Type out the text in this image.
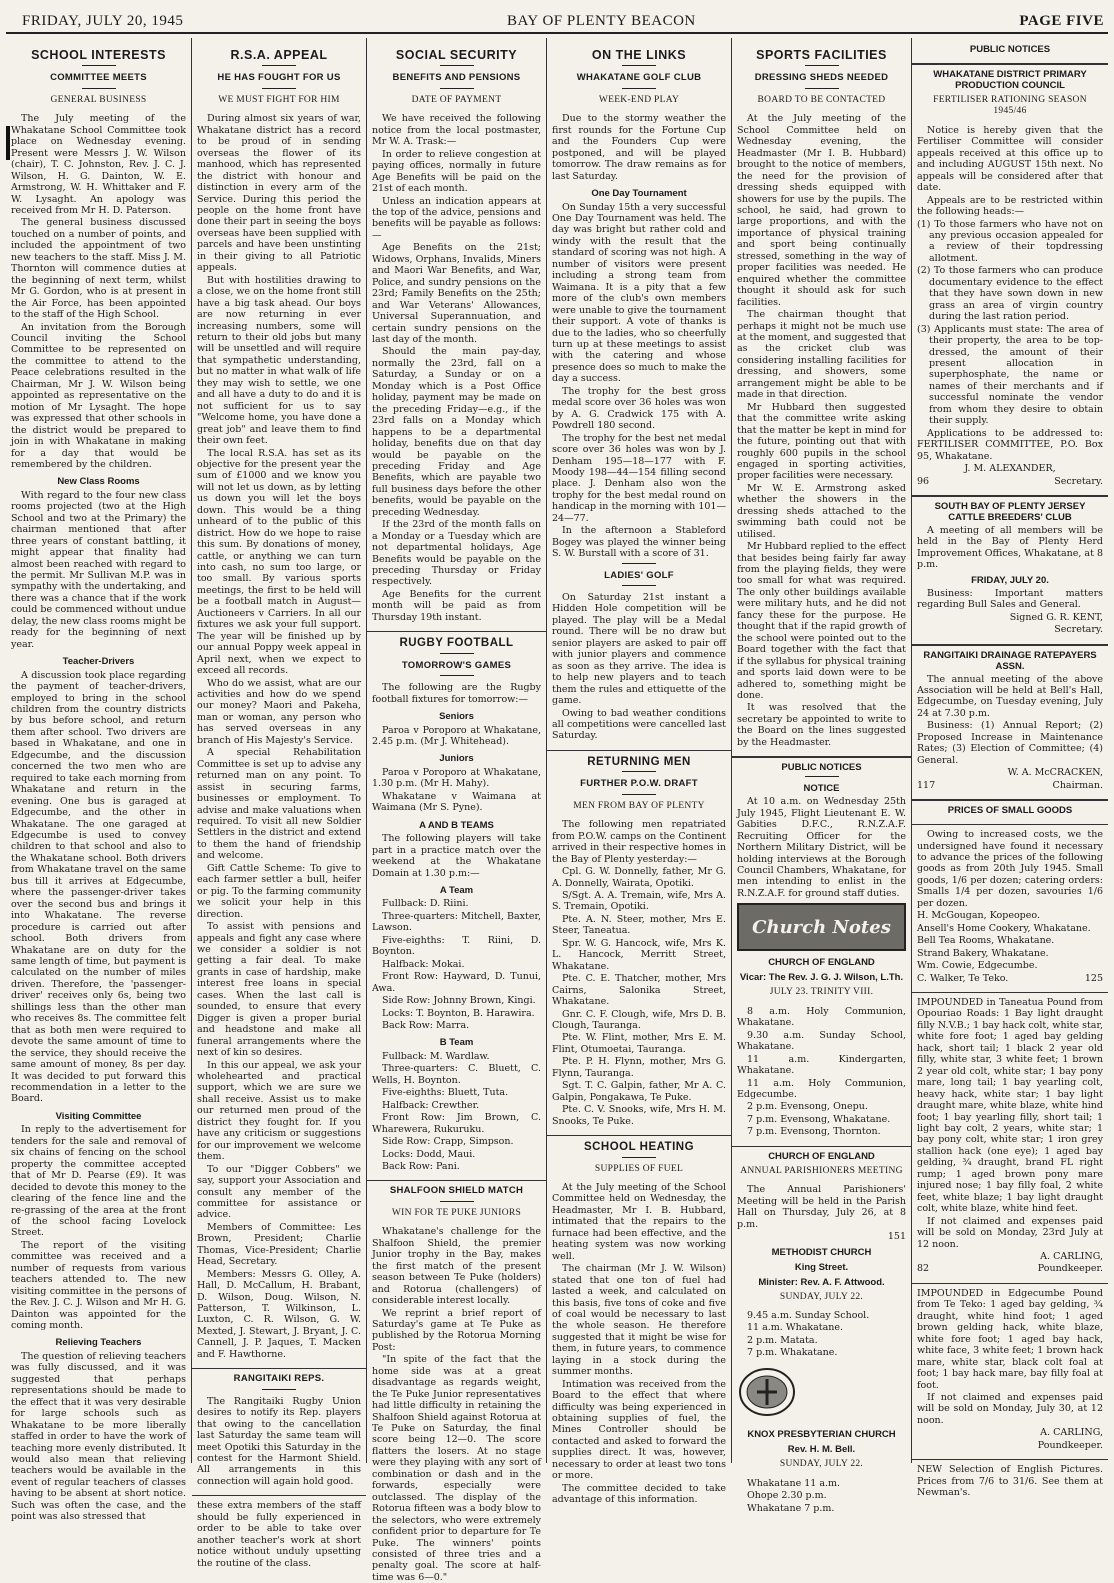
FRIDAY, JULY 20, 1945	BAY OF PLENTY BEACON	PAGE FIVE
SCHOOL INTERESTS
COMMITTEE MEETS
GENERAL BUSINESS

The July meeting of the Whakatane School Committee took place on Wednesday evening. Present were Messrs J. W. Wilson (chair), T. C. Johnston, Rev. J. C. J. Wilson, H. G. Dainton, W. E. Armstrong, W. H. Whittaker and F. W. Lysaght. An apology was received from Mr H. D. Paterson.

The general business discussed touched on a number of points, and included the appointment of two new teachers to the staff. Miss J. M. Thornton will commence duties at the beginning of next term, whilst Mr G. Gordon, who is at present in the Air Force, has been appointed to the staff of the High School.

An invitation from the Borough Council inviting the School Committee to be represented on the committee to attend to the Peace celebrations resulted in the Chairman, Mr J. W. Wilson being appointed as representative on the motion of Mr Lysaght. The hope was expressed that other schools in the district would be prepared to join in with Whakatane in making for a day that would be remembered by the children.

New Class Rooms

With regard to the four new class rooms projected (two at the High School and two at the Primary) the chairman mentioned that after three years of constant battling, it might appear that finality had almost been reached with regard to the permit. Mr Sullivan M.P. was in sympathy with the undertaking, and there was a chance that if the work could be commenced without undue delay, the new class rooms might be ready for the beginning of next year.

Teacher-Drivers

A discussion took place regarding the payment of teacher-drivers, employed to bring in the school children from the country districts by bus before school, and return them after school. Two drivers are based in Whakatane, and one in Edgecumbe, and the discussion concerned the two men who are required to take each morning from Whakatane and return in the evening. One bus is garaged at Edgecumbe, and the other in Whakatane. The one garaged at Edgecumbe is used to convey children to that school and also to the Whakatane school. Both drivers from Whakatane travel on the same bus till it arrives at Edgecumbe, where the passenger-driver takes over the second bus and brings it into Whakatane. The reverse procedure is carried out after school. Both drivers from Whakatane are on duty for the same length of time, but payment is calculated on the number of miles driven. Therefore, the 'passenger-driver' receives only 6s, being two shillings less than the other man who receives 8s. The committee felt that as both men were required to devote the same amount of time to the service, they should receive the same amount of money, 8s per day. It was decided to put forward this recommendation in a letter to the Board.

Visiting Committee

In reply to the advertisement for tenders for the sale and removal of six chains of fencing on the school property the committee accepted that of Mr D. Pearse (£9). It was decided to devote this money to the clearing of the fence line and the re-grassing of the area at the front of the school facing Lovelock Street.

The report of the visiting committee was received and a number of requests from various teachers attended to. The new visiting committee in the persons of the Rev. J. C. J. Wilson and Mr H. G. Dainton was appointed for the coming month.

Relieving Teachers

The question of relieving teachers was fully discussed, and it was suggested that perhaps representations should be made to the effect that it was very desirable for large schools such as Whakatane to be more liberally staffed in order to have the work of teaching more evenly distributed. It would also mean that relieving teachers would be available in the event of regular teachers of classes having to be absent at short notice. Such was often the case, and the point was also stressed that

R.S.A. APPEAL
HE HAS FOUGHT FOR US
WE MUST FIGHT FOR HIM

During almost six years of war, Whakatane district has a record to be proud of in sending overseas the flower of its manhood, which has represented the district with honour and distinction in every arm of the Service. During this period the people on the home front have done their part in seeing the boys overseas have been supplied with parcels and have been unstinting in their giving to all Patriotic appeals.

But with hostilities drawing to a close, we on the home front still have a big task ahead. Our boys are now returning in ever increasing numbers, some will return to their old jobs but many will be unsettled and will require that sympathetic understanding, but no matter in what walk of life they may wish to settle, we one and all have a duty to do and it is not sufficient for us to say "Welcome home, you have done a great job" and leave them to find their own feet.

The local R.S.A. has set as its objective for the present year the sum of £1000 and we know you will not let us down, as by letting us down you will let the boys down. This would be a thing unheard of to the public of this district. How do we hope to raise this sum. By donations of money, cattle, or anything we can turn into cash, no sum too large, or too small. By various sports meetings, the first to be held will be a football match in August—Auctioneers v Carriers. In all our fixtures we ask your full support. The year will be finished up by our annual Poppy week appeal in April next, when we expect to exceed all records.

Who do we assist, what are our activities and how do we spend our money? Maori and Pakeha, man or woman, any person who has served overseas in any branch of His Majesty's Service.

A special Rehabilitation Committee is set up to advise any returned man on any point. To assist in securing farms, businesses or employment. To advise and make valuations when required. To visit all new Soldier Settlers in the district and extend to them the hand of friendship and welcome.

Gift Cattle Scheme: To give to each farmer settler a bull, heifer or pig. To the farming community we solicit your help in this direction.

To assist with pensions and appeals and fight any case where we consider a soldier is not getting a fair deal. To make grants in case of hardship, make interest free loans in special cases. When the last call is sounded, to ensure that every Digger is given a proper burial and headstone and make all funeral arrangements where the next of kin so desires.

In this our appeal, we ask your wholehearted and practical support, which we are sure we shall receive. Assist us to make our returned men proud of the district they fought for. If you have any criticism or suggestions for our improvement we welcome them.

To our "Digger Cobbers" we say, support your Association and consult any member of the committee for assistance or advice.

Members of Committee: Les Brown, President; Charlie Thomas, Vice-President; Charlie Head, Secretary.

Members: Messrs G. Olley, A. Hall, D. McCallum, H. Brabant, D. Wilson, Doug. Wilson, N. Patterson, T. Wilkinson, L. Luxton, C. R. Wilson, G. W. Mexted, J. Stewart, J. Bryant, J. C. Cannell, J. P. Jaques, T. Macken and F. Hawthorne.

RANGITAIKI REPS.

The Rangitaiki Rugby Union desires to notify its Rep. players that owing to the cancellation last Saturday the same team will meet Opotiki this Saturday in the contest for the Harmont Shield. All arrangements in this connection will again hold good.

these extra members of the staff should be fully experienced in order to be able to take over another teacher's work at short notice without unduly upsetting the routine of the class.

SOCIAL SECURITY
BENEFITS AND PENSIONS
DATE OF PAYMENT

We have received the following notice from the local postmaster, Mr W. A. Trask:—

In order to relieve congestion at paying offices, normally in future Age Benefits will be paid on the 21st of each month.

Unless an indication appears at the top of the advice, pensions and benefits will be payable as follows:—

Age Benefits on the 21st; Widows, Orphans, Invalids, Miners and Maori War Benefits, and War, Police, and sundry pensions on the 23rd; Family Benefits on the 25th; and War Veterans' Allowances, Universal Superannuation, and certain sundry pensions on the last day of the month.

Should the main pay-day, normally the 23rd, fall on a Saturday, a Sunday or on a Monday which is a Post Office holiday, payment may be made on the preceding Friday—e.g., if the 23rd falls on a Monday which happens to be a departmental holiday, benefits due on that day would be payable on the preceding Friday and Age Benefits, which are payable two full business days before the other benefits, would be payable on the preceding Wednesday.

If the 23rd of the month falls on a Monday or a Tuesday which are not departmental holidays, Age Benefits would be payable on the preceding Thursday or Friday respectively.

Age Benefits for the current month will be paid as from Thursday 19th instant.

RUGBY FOOTBALL
TOMORROW'S GAMES

The following are the Rugby football fixtures for tomorrow:—

Seniors

Paroa v Poroporo at Whakatane, 2.45 p.m. (Mr J. Whitehead).

Juniors

Paroa v Poroporo at Whakatane, 1.30 p.m. (Mr H. Mahy).

Whakatane v Waimana at Waimana (Mr S. Pyne).

A AND B TEAMS

The following players will take part in a practice match over the weekend at the Whakatane Domain at 1.30 p.m:—

A Team

Fullback: D. Riini.

Three-quarters: Mitchell, Baxter, Lawson.

Five-eighths: T. Riini, D. Boynton.

Halfback: Mokai.

Front Row: Hayward, D. Tunui, Awa.

Side Row: Johnny Brown, Kingi.

Locks: T. Boynton, B. Harawira.

Back Row: Marra.

B Team

Fullback: M. Wardlaw.

Three-quarters: C. Bluett, C. Wells, H. Boynton.

Five-eighths: Bluett, Tuta.

Halfback: Crewther.

Front Row: Jim Brown, C. Wharewera, Rukuruku.

Side Row: Crapp, Simpson.

Locks: Dodd, Maui.

Back Row: Pani.

SHALFOON SHIELD MATCH
WIN FOR TE PUKE JUNIORS

Whakatane's challenge for the Shalfoon Shield, the premier Junior trophy in the Bay, makes the first match of the present season between Te Puke (holders) and Rotorua (challengers) of considerable interest locally.

We reprint a brief report of Saturday's game at Te Puke as published by the Rotorua Morning Post:

"In spite of the fact that the home side was at a great disadvantage as regards weight, the Te Puke Junior representatives had little difficulty in retaining the Shalfoon Shield against Rotorua at Te Puke on Saturday, the final score being 12—0. The score flatters the losers. At no stage were they playing with any sort of combination or dash and in the forwards, especially were outclassed. The display of the Rotorua fifteen was a body blow to the selectors, who were extremely confident prior to departure for Te Puke. The winners' points consisted of three tries and a penalty goal. The score at half-time was 6—0."

ON THE LINKS
WHAKATANE GOLF CLUB
WEEK-END PLAY

Due to the stormy weather the first rounds for the Fortune Cup and the Founders Cup were postponed, and will be played tomorrow. The draw remains as for last Saturday.

One Day Tournament

On Sunday 15th a very successful One Day Tournament was held. The day was bright but rather cold and windy with the result that the standard of scoring was not high. A number of visitors were present including a strong team from Waimana. It is a pity that a few more of the club's own members were unable to give the tournament their support. A vote of thanks is due to the ladies, who so cheerfully turn up at these meetings to assist with the catering and whose presence does so much to make the day a success.

The trophy for the best gross medal score over 36 holes was won by A. G. Cradwick 175 with A. Powdrell 180 second.

The trophy for the best net medal score over 36 holes was won by J. Denham 195—18—177 with F. Moody 198—44—154 filling second place. J. Denham also won the trophy for the best medal round on handicap in the morning with 101—24—77.

In the afternoon a Stableford Bogey was played the winner being S. W. Burstall with a score of 31.

LADIES' GOLF

On Saturday 21st instant a Hidden Hole competition will be played. The play will be a Medal round. There will be no draw but senior players are asked to pair off with junior players and commence as soon as they arrive. The idea is to help new players and to teach them the rules and ettiquette of the game.

Owing to bad weather conditions all competitions were cancelled last Saturday.

RETURNING MEN
FURTHER P.O.W. DRAFT
MEN FROM BAY OF PLENTY

The following men repatriated from P.O.W. camps on the Continent arrived in their respective homes in the Bay of Plenty yesterday:—

Cpl. G. W. Donnelly, father, Mr G. A. Donnelly, Wairata, Opotiki.

S/Sgt. A. A. Tremain, wife, Mrs A. S. Tremain, Opotiki.

Pte. A. N. Steer, mother, Mrs E. Steer, Taneatua.

Spr. W. G. Hancock, wife, Mrs K. L. Hancock, Merritt Street, Whakatane.

Pte. C. E. Thatcher, mother, Mrs Cairns, Salonika Street, Whakatane.

Gnr. C. F. Clough, wife, Mrs D. B. Clough, Tauranga.

Pte. W. Flint, mother, Mrs E. M. Flint, Otumoetai, Tauranga.

Pte. P. H. Flynn, mother, Mrs G. Flynn, Tauranga.

Sgt. T. C. Galpin, father, Mr A. C. Galpin, Pongakawa, Te Puke.

Pte. C. V. Snooks, wife, Mrs H. M. Snooks, Te Puke.

SCHOOL HEATING
SUPPLIES OF FUEL

At the July meeting of the School Committee held on Wednesday, the Headmaster, Mr I. B. Hubbard, intimated that the repairs to the furnace had been effective, and the heating system was now working well.

The chairman (Mr J. W. Wilson) stated that one ton of fuel had lasted a week, and calculated on this basis, five tons of coke and five of coal would be necessary to last the whole season. He therefore suggested that it might be wise for them, in future years, to commence laying in a stock during the summer months.

Intimation was received from the Board to the effect that where difficulty was being experienced in obtaining supplies of fuel, the Mines Controller should be contacted and asked to forward the supplies direct. It was, however, necessary to order at least two tons or more.

The committee decided to take advantage of this information.

SPORTS FACILITIES
DRESSING SHEDS NEEDED
BOARD TO BE CONTACTED

At the July meeting of the School Committee held on Wednesday evening, the Headmaster (Mr I. B. Hubbard) brought to the notice of members, the need for the provision of dressing sheds equipped with showers for use by the pupils. The school, he said, had grown to large proportions, and with the importance of physical training and sport being continually stressed, something in the way of proper facilities was needed. He enquired whether the committee thought it should ask for such facilities.

The chairman thought that perhaps it might not be much use at the moment, and suggested that as the cricket club was considering installing facilities for dressing, and showers, some arrangement might be able to be made in that direction.

Mr Hubbard then suggested that the committee write asking that the matter be kept in mind for the future, pointing out that with roughly 600 pupils in the school engaged in sporting activities, proper facilities were necessary.

Mr W. E. Armstrong asked whether the showers in the dressing sheds attached to the swimming bath could not be utilised.

Mr Hubbard replied to the effect that besides being fairly far away from the playing fields, they were too small for what was required. The only other buildings available were military huts, and he did not fancy these for the purpose. He thought that if the rapid growth of the school were pointed out to the Board together with the fact that if the syllabus for physical training and sports laid down were to be adhered to, something might be done.

It was resolved that the secretary be appointed to write to the Board on the lines suggested by the Headmaster.

PUBLIC NOTICES
NOTICE

At 10 a.m. on Wednesday 25th July 1945, Flight Lieutenant E. W. Gabities D.F.C., R.N.Z.A.F. Recruiting Officer for the Northern Military District, will be holding interviews at the Borough Council Chambers, Whakatane, for men intending to enlist in the R.N.Z.A.F. for ground staff duties.

Church Notes
CHURCH OF ENGLAND
Vicar: The Rev. J. G. J. Wilson, L.Th.
JULY 23. TRINITY VIII.

8 a.m. Holy Communion, Whakatane.

9.30 a.m. Sunday School, Whakatane.

11 a.m. Kindergarten, Whakatane.

11 a.m. Holy Communion, Edgecumbe.

2 p.m. Evensong, Onepu.

7 p.m. Evensong, Whakatane.

7 p.m. Evensong, Thornton.

CHURCH OF ENGLAND
ANNUAL PARISHIONERS MEETING

The Annual Parishioners' Meeting will be held in the Parish Hall on Thursday, July 26, at 8 p.m.

151

METHODIST CHURCH
King Street.
Minister: Rev. A. F. Attwood.
SUNDAY, JULY 22.

9.45 a.m. Sunday School.

11 a.m. Whakatane.

2 p.m. Matata.

7 p.m. Whakatane.

KNOX PRESBYTERIAN CHURCH
Rev. H. M. Bell.
SUNDAY, JULY 22.

Whakatane 11 a.m.

Ohope 2.30 p.m.

Whakatane 7 p.m.

PUBLIC NOTICES
WHAKATANE DISTRICT PRIMARY PRODUCTION COUNCIL
FERTILISER RATIONING SEASON 1945/46

Notice is hereby given that the Fertiliser Committee will consider appeals received at this office up to and including AUGUST 15th next. No appeals will be considered after that date.

Appeals are to be restricted within the following heads:—

(1) To those farmers who have not on any previous occasion appealed for a review of their topdressing allotment.

(2) To those farmers who can produce documentary evidence to the effect that they have sown down in new grass an area of virgin country during the last ration period.

(3) Applicants must state: The area of their property, the area to be top-dressed, the amount of their present allocation in superphosphate, the name or names of their merchants and if successful nominate the vendor from whom they desire to obtain their supply.

Applications to be addressed to: FERTILISER COMMITTEE, P.O. Box 95, Whakatane.

J. M. ALEXANDER,

96	Secretary.

SOUTH BAY OF PLENTY JERSEY CATTLE BREEDERS' CLUB

A meeting of all members will be held in the Bay of Plenty Herd Improvement Offices, Whakatane, at 8 p.m.

FRIDAY, JULY 20.

Business: Important matters regarding Bull Sales and General.

Signed G. R. KENT,

Secretary.

RANGITAIKI DRAINAGE RATEPAYERS ASSN.

The annual meeting of the above Association will be held at Bell's Hall, Edgecumbe, on Tuesday evening, July 24 at 7.30 p.m.

Business: (1) Annual Report; (2) Proposed Increase in Maintenance Rates; (3) Election of Committee; (4) General.

W. A. McCRACKEN,

117	Chairman.

PRICES OF SMALL GOODS

Owing to increased costs, we the undersigned have found it necessary to advance the prices of the following goods as from 20th July 1945. Small goods, 1/6 per dozen; catering orders: Smalls 1/4 per dozen, savouries 1/6 per dozen.

H. McGougan, Kopeopeo.

Ansell's Home Cookery, Whakatane.

Bell Tea Rooms, Whakatane.

Strand Bakery, Whakatane.

Wm. Cowie, Edgecumbe.

C. Walker, Te Teko.	125

IMPOUNDED in Taneatua Pound from Opouriao Roads: 1 Bay light draught filly N.V.B.; 1 bay hack colt, white star, white fore foot; 1 aged bay gelding hack, short tail; 1 black 2 year old filly, white star, 3 white feet; 1 brown 2 year old colt, white star; 1 bay pony mare, long tail; 1 bay yearling colt, heavy hack, white star; 1 bay light draught mare, white blaze, white hind foot; 1 bay yearling filly, short tail; 1 light bay colt, 2 years, white star; 1 bay pony colt, white star; 1 iron grey stallion hack (one eye); 1 aged bay gelding, ¾ draught, brand FL right rump; 1 aged brown pony mare injured nose; 1 bay filly foal, 2 white feet, white blaze; 1 bay light draught colt, white blaze, white hind feet.

If not claimed and expenses paid will be sold on Monday, 23rd July at 12 noon.

A. CARLING,

82	Poundkeeper.

IMPOUNDED in Edgecumbe Pound from Te Teko: 1 aged bay gelding, ¾ draught, white hind foot; 1 aged brown gelding hack, white blaze, white fore foot; 1 aged bay hack, white face, 3 white feet; 1 brown hack mare, white star, black colt foal at foot; 1 bay hack mare, bay filly foal at foot.

If not claimed and expenses paid will be sold on Monday, July 30, at 12 noon.

A. CARLING,

Poundkeeper.

NEW Selection of English Pictures. Prices from 7/6 to 31/6. See them at Newman's.
